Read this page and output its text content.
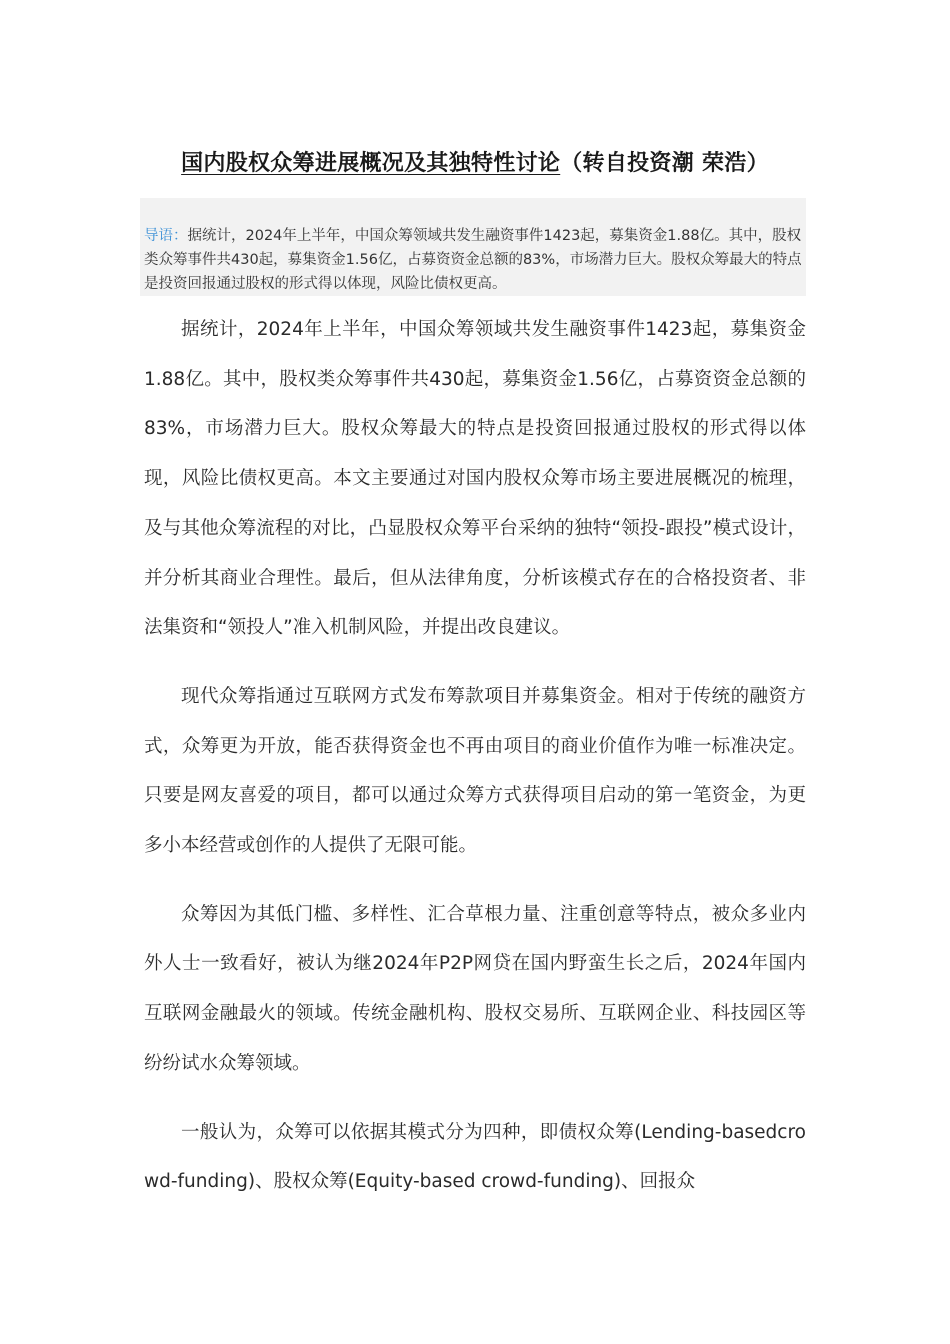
国内股权众筹进展概况及其独特性讨论（转自投资潮 荣浩）
导语：据统计，2024年上半年，中国众筹领域共发生融资事件1423起，募集资金1.88亿。其中，股权类众筹事件共430起，募集资金1.56亿，占募资资金总额的83%，市场潜力巨大。股权众筹最大的特点是投资回报通过股权的形式得以体现，风险比债权更高。

据统计，2024年上半年，中国众筹领域共发生融资事件1423起，募集资金1.88亿。其中，股权类众筹事件共430起，募集资金1.56亿，占募资资金总额的83%，市场潜力巨大。股权众筹最大的特点是投资回报通过股权的形式得以体现，风险比债权更高。本文主要通过对国内股权众筹市场主要进展概况的梳理，及与其他众筹流程的对比，凸显股权众筹平台采纳的独特“领投-跟投”模式设计，并分析其商业合理性。最后，但从法律角度，分析该模式存在的合格投资者、非法集资和“领投人”准入机制风险，并提出改良建议。

现代众筹指通过互联网方式发布筹款项目并募集资金。相对于传统的融资方式，众筹更为开放，能否获得资金也不再由项目的商业价值作为唯一标准决定。只要是网友喜爱的项目，都可以通过众筹方式获得项目启动的第一笔资金，为更多小本经营或创作的人提供了无限可能。

众筹因为其低门槛、多样性、汇合草根力量、注重创意等特点，被众多业内外人士一致看好，被认为继2024年P2P网贷在国内野蛮生长之后，2024年国内互联网金融最火的领域。传统金融机构、股权交易所、互联网企业、科技园区等纷纷试水众筹领域。

一般认为，众筹可以依据其模式分为四种，即债权众筹(Lending-basedcrowd-funding)、股权众筹(Equity-based crowd-funding)、回报众
